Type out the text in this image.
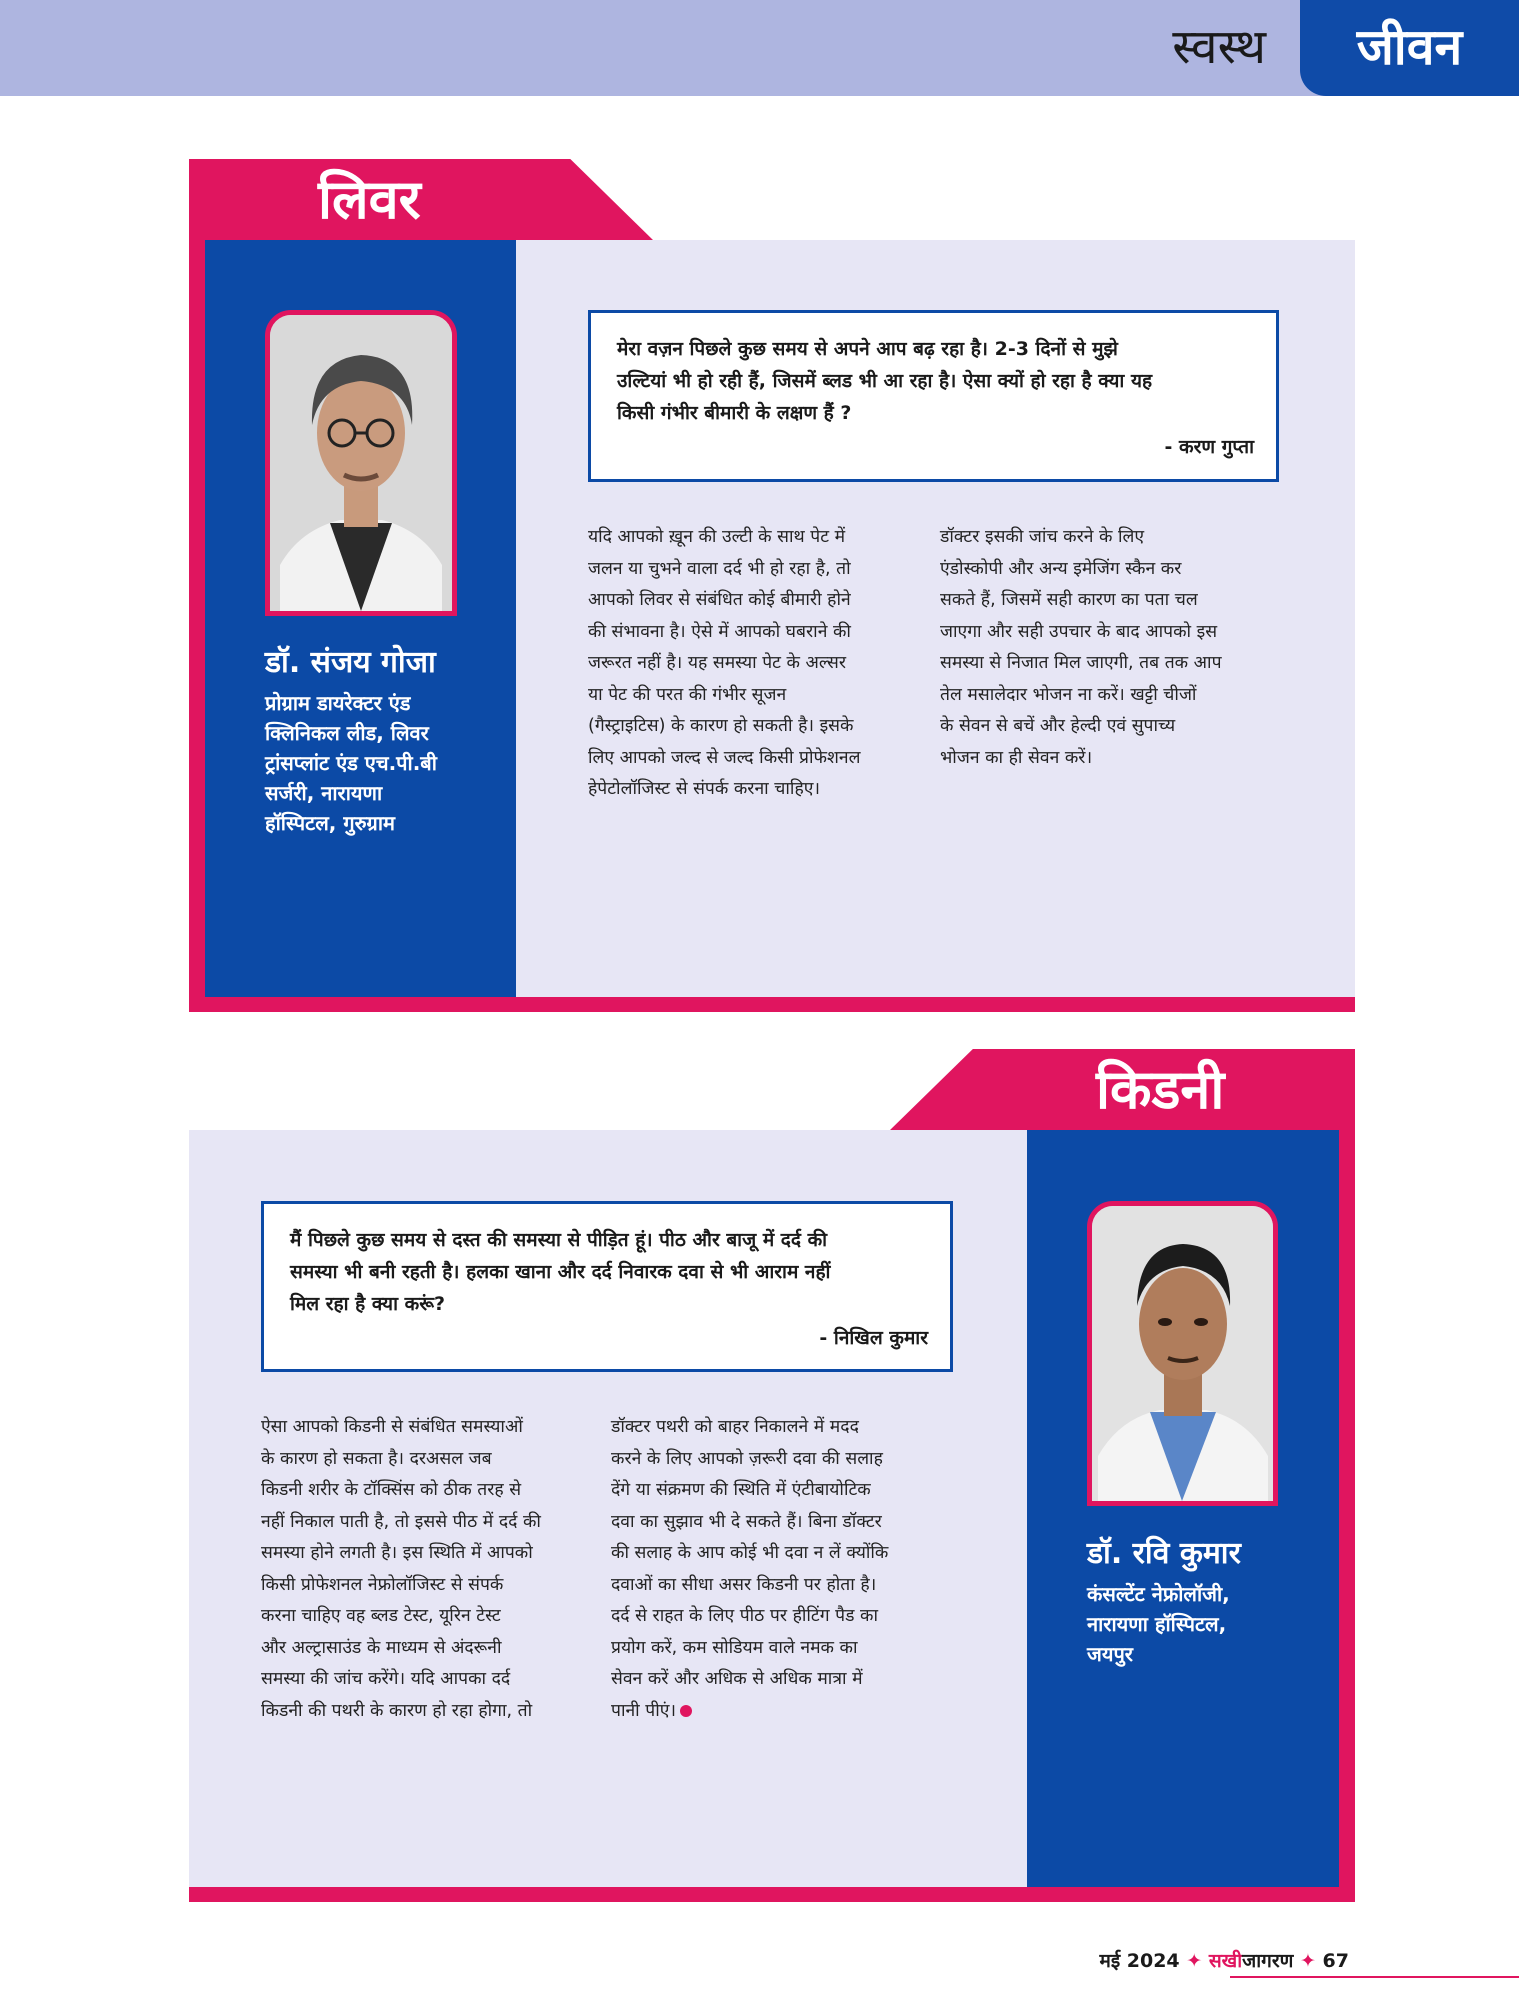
स्वस्थ	जीवन
लिवर
डॉ. संजय गोजा
प्रोग्राम डायरेक्टर एंड
क्लिनिकल लीड, लिवर
ट्रांसप्लांट एंड एच.पी.बी
सर्जरी, नारायणा
हॉस्पिटल, गुरुग्राम
मेरा वज़न पिछले कुछ समय से अपने आप बढ़ रहा है। 2-3 दिनों से मुझे
उल्टियां भी हो रही हैं, जिसमें ब्लड भी आ रहा है। ऐसा क्यों हो रहा है क्या यह
किसी गंभीर बीमारी के लक्षण हैं ?
- करण गुप्ता
यदि आपको ख़ून की उल्टी के साथ पेट में
जलन या चुभने वाला दर्द भी हो रहा है, तो
आपको लिवर से संबंधित कोई बीमारी होने
की संभावना है। ऐसे में आपको घबराने की
जरूरत नहीं है। यह समस्या पेट के अल्सर
या पेट की परत की गंभीर सूजन
(गैस्ट्राइटिस) के कारण हो सकती है। इसके
लिए आपको जल्द से जल्द किसी प्रोफेशनल
हेपेटोलॉजिस्ट से संपर्क करना चाहिए।
डॉक्टर इसकी जांच करने के लिए
एंडोस्कोपी और अन्य इमेजिंग स्कैन कर
सकते हैं, जिसमें सही कारण का पता चल
जाएगा और सही उपचार के बाद आपको इस
समस्या से निजात मिल जाएगी, तब तक आप
तेल मसालेदार भोजन ना करें। खट्टी चीजों
के सेवन से बचें और हेल्दी एवं सुपाच्य
भोजन का ही सेवन करें।
किडनी
डॉ. रवि कुमार
कंसल्टेंट नेफ्रोलॉजी,
नारायणा हॉस्पिटल,
जयपुर
मैं पिछले कुछ समय से दस्त की समस्या से पीड़ित हूं। पीठ और बाजू में दर्द की
समस्या भी बनी रहती है। हलका खाना और दर्द निवारक दवा से भी आराम नहीं
मिल रहा है क्या करूं?
- निखिल कुमार
ऐसा आपको किडनी से संबंधित समस्याओं
के कारण हो सकता है। दरअसल जब
किडनी शरीर के टॉक्सिंस को ठीक तरह से
नहीं निकाल पाती है, तो इससे पीठ में दर्द की
समस्या होने लगती है। इस स्थिति में आपको
किसी प्रोफेशनल नेफ्रोलॉजिस्ट से संपर्क
करना चाहिए वह ब्लड टेस्ट, यूरिन टेस्ट
और अल्ट्रासाउंड के माध्यम से अंदरूनी
समस्या की जांच करेंगे। यदि आपका दर्द
किडनी की पथरी के कारण हो रहा होगा, तो
डॉक्टर पथरी को बाहर निकालने में मदद
करने के लिए आपको ज़रूरी दवा की सलाह
देंगे या संक्रमण की स्थिति में एंटीबायोटिक
दवा का सुझाव भी दे सकते हैं। बिना डॉक्टर
की सलाह के आप कोई भी दवा न लें क्योंकि
दवाओं का सीधा असर किडनी पर होता है।
दर्द से राहत के लिए पीठ पर हीटिंग पैड का
प्रयोग करें, कम सोडियम वाले नमक का
सेवन करें और अधिक से अधिक मात्रा में
पानी पीएं।
मई 2024 ✦ सखीजागरण ✦ 67
